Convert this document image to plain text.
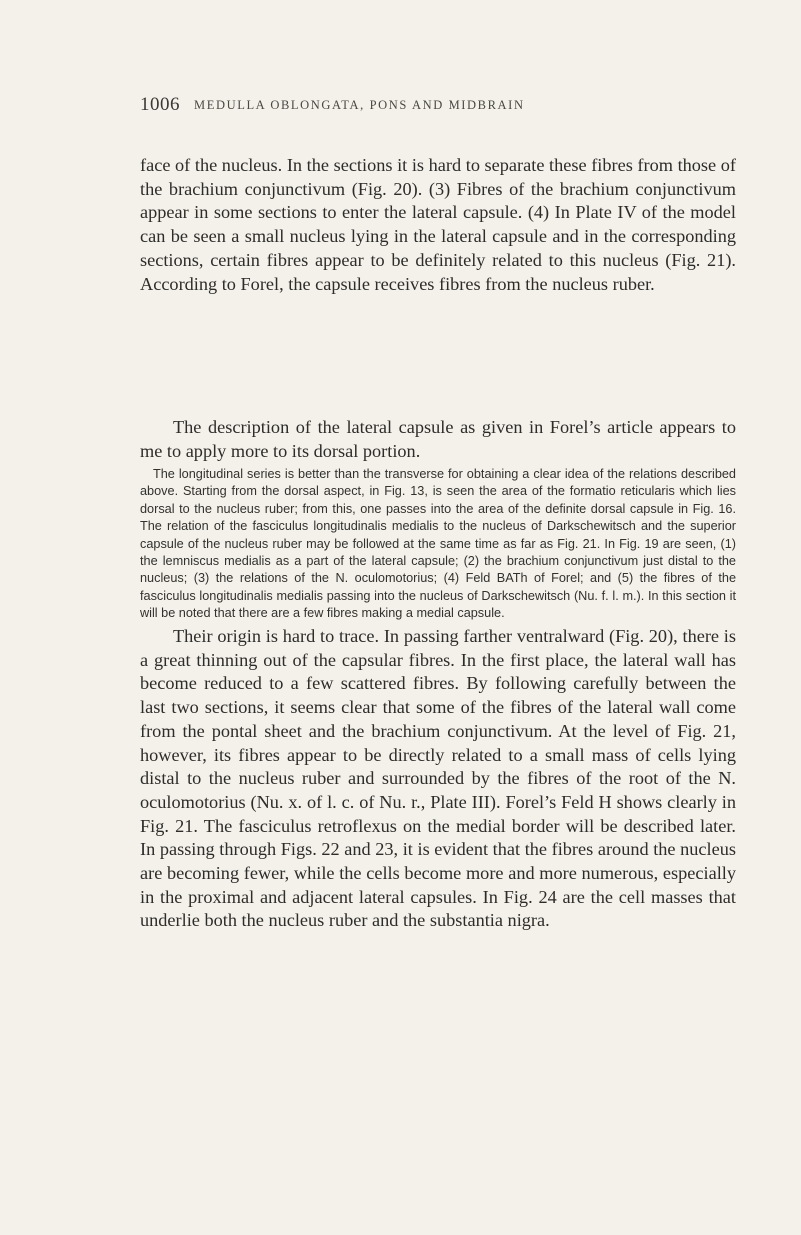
1006 MEDULLA OBLONGATA, PONS AND MIDBRAIN

face of the nucleus. In the sections it is hard to separate these fibres from those of the brachium conjunctivum (Fig. 20). (3) Fibres of the brachium conjunctivum appear in some sections to enter the lateral capsule. (4) In Plate IV of the model can be seen a small nucleus lying in the lateral capsule and in the corresponding sections, certain fibres appear to be definitely related to this nucleus (Fig. 21). According to Forel, the capsule receives fibres from the nucleus ruber.

The description of the lateral capsule as given in Forel’s article appears to me to apply more to its dorsal portion.

The longitudinal series is better than the transverse for obtaining a clear idea of the relations described above. Starting from the dorsal aspect, in Fig. 13, is seen the area of the formatio reticularis which lies dorsal to the nucleus ruber; from this, one passes into the area of the definite dorsal capsule in Fig. 16. The relation of the fasciculus longitudinalis medialis to the nucleus of Darkschewitsch and the superior capsule of the nucleus ruber may be followed at the same time as far as Fig. 21. In Fig. 19 are seen, (1) the lemniscus medialis as a part of the lateral capsule; (2) the brachium conjunctivum just distal to the nucleus; (3) the relations of the N. oculomotorius; (4) Feld BATh of Forel; and (5) the fibres of the fasciculus longitudinalis medialis passing into the nucleus of Darkschewitsch (Nu. f. l. m.). In this section it will be noted that there are a few fibres making a medial capsule.

Their origin is hard to trace. In passing farther ventralward (Fig. 20), there is a great thinning out of the capsular fibres. In the first place, the lateral wall has become reduced to a few scattered fibres. By following carefully between the last two sections, it seems clear that some of the fibres of the lateral wall come from the pontal sheet and the brachium conjunctivum. At the level of Fig. 21, however, its fibres appear to be directly related to a small mass of cells lying distal to the nucleus ruber and surrounded by the fibres of the root of the N. oculomotorius (Nu. x. of l. c. of Nu. r., Plate III). Forel’s Feld H shows clearly in Fig. 21. The fasciculus retroflexus on the medial border will be described later. In passing through Figs. 22 and 23, it is evident that the fibres around the nucleus are becoming fewer, while the cells become more and more numerous, especially in the proximal and adjacent lateral capsules. In Fig. 24 are the cell masses that underlie both the nucleus ruber and the substantia nigra.
